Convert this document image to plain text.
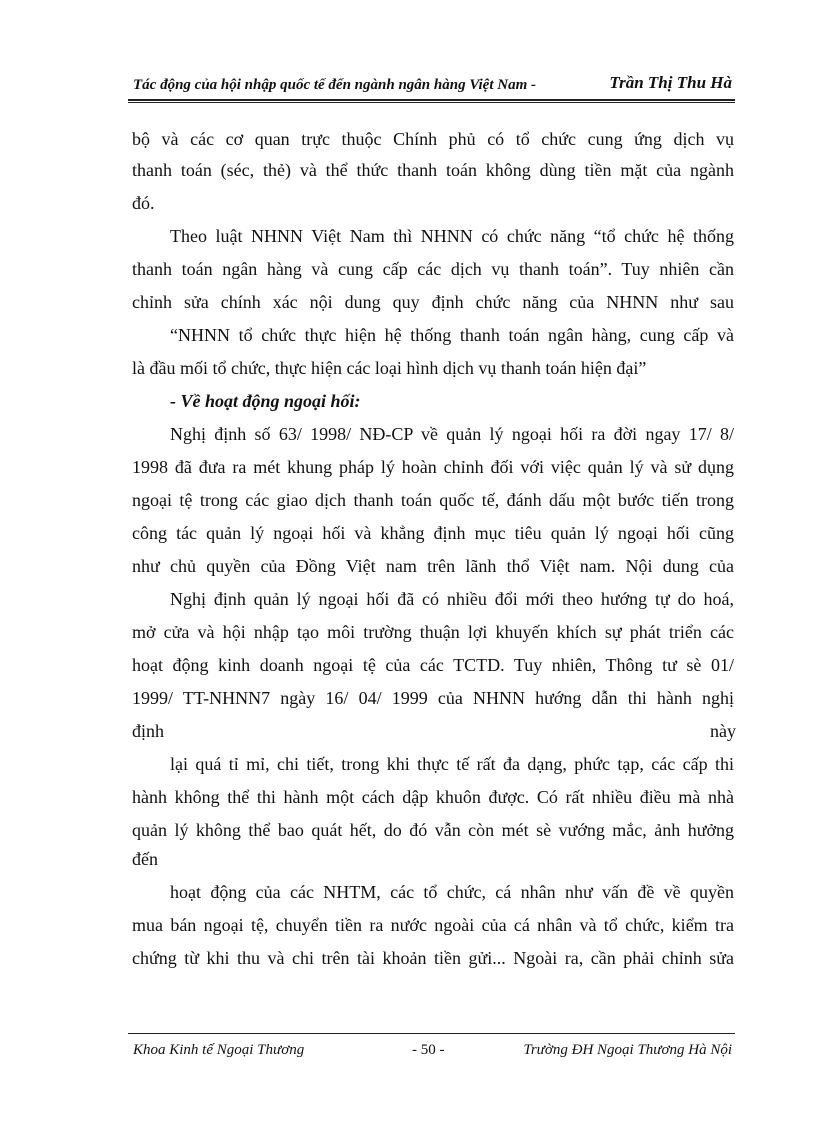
Tác động của hội nhập quốc tế đến ngành ngân hàng Việt Nam -	Trần Thị Thu Hà
bộ và các cơ quan trực thuộc Chính phủ có tổ chức cung ứng dịch vụ
thanh toán (séc, thẻ) và thể thức thanh toán không dùng tiền mặt của ngành
đó.
Theo luật NHNN Việt Nam thì NHNN có chức năng “tổ chức hệ thống
thanh toán ngân hàng và cung cấp các dịch vụ thanh toán”. Tuy nhiên cần
chỉnh sửa chính xác nội dung quy định chức năng của NHNN như sau
“NHNN tổ chức thực hiện hệ thống thanh toán ngân hàng, cung cấp và
là đầu mối tổ chức, thực hiện các loại hình dịch vụ thanh toán hiện đại”
- Về hoạt động ngoại hối:
Nghị định số 63/ 1998/ NĐ-CP về quản lý ngoại hối ra đời ngay 17/ 8/
1998 đã đưa ra mét khung pháp lý hoàn chỉnh đối với việc quản lý và sử dụng
ngoại tệ trong các giao dịch thanh toán quốc tế, đánh dấu một bước tiến trong
công tác quản lý ngoại hối và khẳng định mục tiêu quản lý ngoại hối cũng
như chủ quyền của Đồng Việt nam trên lãnh thổ Việt nam. Nội dung của
Nghị định quản lý ngoại hối đã có nhiều đổi mới theo hướng tự do hoá,
mở cửa và hội nhập tạo môi trường thuận lợi khuyến khích sự phát triển các
hoạt động kinh doanh ngoại tệ của các TCTD. Tuy nhiên, Thông tư sè 01/
1999/ TT-NHNN7 ngày 16/ 04/ 1999 của NHNN hướng dẫn thi hành nghị
định	này
lại quá tỉ mỉ, chi tiết, trong khi thực tế rất đa dạng, phức tạp, các cấp thi
hành không thể thi hành một cách dập khuôn được. Có rất nhiều điều mà nhà
quản lý không thể bao quát hết, do đó vẫn còn mét sè vướng mắc, ảnh hưởng
đến
hoạt động của các NHTM, các tổ chức, cá nhân như vấn đề về quyền
mua bán ngoại tệ, chuyển tiền ra nước ngoài của cá nhân và tổ chức, kiểm tra
chứng từ khi thu và chi trên tài khoản tiền gửi... Ngoài ra, cần phải chỉnh sửa
Khoa Kinh tế Ngoại Thương	- 50 -	Trường ĐH Ngoại Thương Hà Nội
